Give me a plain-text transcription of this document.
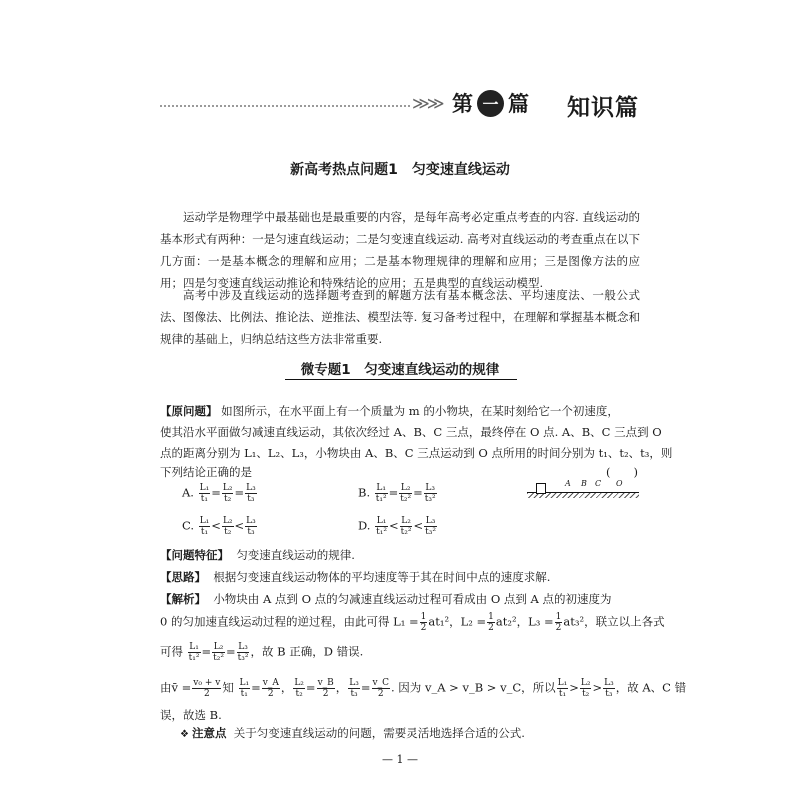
≫≫ 第 一 篇 知识篇
新高考热点问题1　匀变速直线运动
运动学是物理学中最基础也是最重要的内容，是每年高考必定重点考查的内容. 直线运动的基本形式有两种：一是匀速直线运动；二是匀变速直线运动. 高考对直线运动的考查重点在以下几方面：一是基本概念的理解和应用；二是基本物理规律的理解和应用；三是图像方法的应用；四是匀变速直线运动推论和特殊结论的应用；五是典型的直线运动模型.
高考中涉及直线运动的选择题考查到的解题方法有基本概念法、平均速度法、一般公式法、图像法、比例法、推论法、逆推法、模型法等. 复习备考过程中，在理解和掌握基本概念和规律的基础上，归纳总结这些方法非常重要.
微专题1　匀变速直线运动的规律
【原问题】 如图所示，在水平面上有一个质量为 m 的小物块，在某时刻给它一个初速度，
使其沿水平面做匀减速直线运动，其依次经过 A、B、C 三点，最终停在 O 点. A、B、C 三点到 O
点的距离分别为 L₁、L₂、L₃，小物块由 A、B、C 三点运动到 O 点所用的时间分别为 t₁、t₂、t₃，则
下列结论正确的是	(　　)
A. $\frac{\text{L₁}}{\text{t₁}} = \frac{\text{L₂}}{\text{t₂}} = \frac{\text{L₃}}{\text{t₃}}$	B. $\frac{\text{L₁}}{\text{t₁²}} = \frac{\text{L₂}}{\text{t₂²}} = \frac{\text{L₃}}{\text{t₃²}}$
C. $\frac{\text{L₁}}{\text{t₁}} < \frac{\text{L₂}}{\text{t₂}} < \frac{\text{L₃}}{\text{t₃}}$	D. $\frac{\text{L₁}}{\text{t₁²}} < \frac{\text{L₂}}{\text{t₂²}} < \frac{\text{L₃}}{\text{t₃²}}$
A B C O
【问题特征】 匀变速直线运动的规律.
【思路】 根据匀变速直线运动物体的平均速度等于其在时间中点的速度求解.
【解析】 小物块由 A 点到 O 点的匀减速直线运动过程可看成由 O 点到 A 点的初速度为
0 的匀加速直线运动过程的逆过程，由此可得 $L_1 = \frac{1}{2} at_1^2$，$L_2 = \frac{1}{2} at_2^2$，$L_3 = \frac{1}{2} at_3^2$，联立以上各式
可得 $\frac{\text{L₁}}{\text{t₁²}} = \frac{\text{L₂}}{\text{t₂²}} = \frac{\text{L₃}}{\text{t₃²}}$ ，故 B 正确，D 错误.
由v̄ = $\frac{\text{v₀ + v}}{2}$ 知 $\frac{\text{L₁}}{\text{t₁}} = \frac{v\_A}{2}$ ， $\frac{\text{L₂}}{\text{t₂}} = \frac{v\_B}{2}$ ， $\frac{\text{L₃}}{\text{t₃}} = \frac{v\_C}{2}$ . 因为 v_A > v_B > v_C，所以 $\frac{\text{L₁}}{\text{t₁}} > \frac{\text{L₂}}{\text{t₂}} > \frac{\text{L₃}}{\text{t₃}}$ ，故 A、C 错
误，故选 B.
❖ 注意点 关于匀变速直线运动的问题，需要灵活地选择合适的公式.
— 1 —
